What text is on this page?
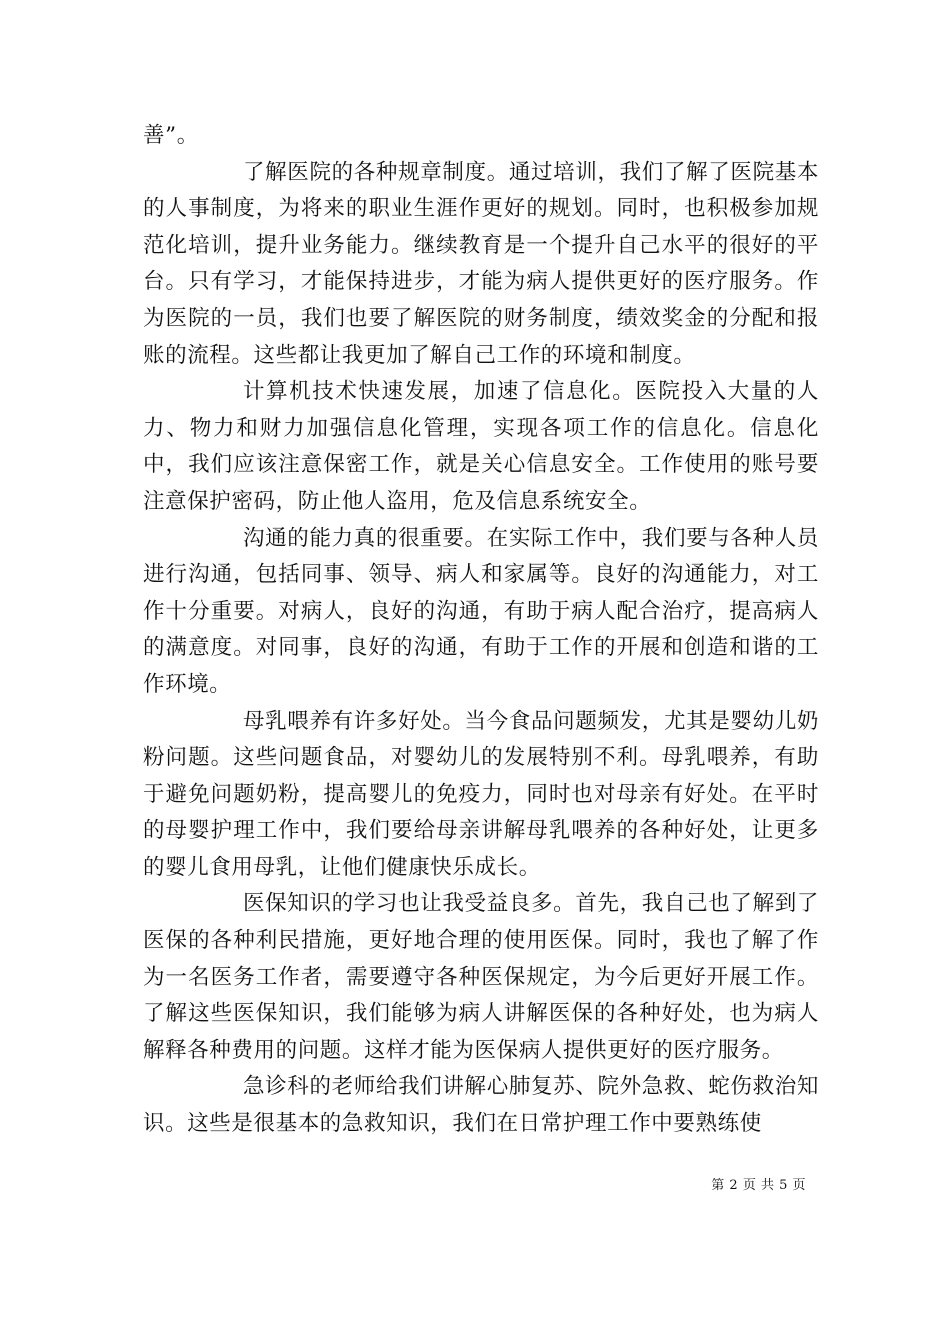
善”。

了解医院的各种规章制度。通过培训，我们了解了医院基本的人事制度，为将来的职业生涯作更好的规划。同时，也积极参加规范化培训，提升业务能力。继续教育是一个提升自己水平的很好的平台。只有学习，才能保持进步，才能为病人提供更好的医疗服务。作为医院的一员，我们也要了解医院的财务制度，绩效奖金的分配和报账的流程。这些都让我更加了解自己工作的环境和制度。

计算机技术快速发展，加速了信息化。医院投入大量的人力、物力和财力加强信息化管理，实现各项工作的信息化。信息化中，我们应该注意保密工作，就是关心信息安全。工作使用的账号要注意保护密码，防止他人盗用，危及信息系统安全。

沟通的能力真的很重要。在实际工作中，我们要与各种人员进行沟通，包括同事、领导、病人和家属等。良好的沟通能力，对工作十分重要。对病人，良好的沟通，有助于病人配合治疗，提高病人的满意度。对同事，良好的沟通，有助于工作的开展和创造和谐的工作环境。

母乳喂养有许多好处。当今食品问题频发，尤其是婴幼儿奶粉问题。这些问题食品，对婴幼儿的发展特别不利。母乳喂养，有助于避免问题奶粉，提高婴儿的免疫力，同时也对母亲有好处。在平时的母婴护理工作中，我们要给母亲讲解母乳喂养的各种好处，让更多的婴儿食用母乳，让他们健康快乐成长。

医保知识的学习也让我受益良多。首先，我自己也了解到了医保的各种利民措施，更好地合理的使用医保。同时，我也了解了作为一名医务工作者，需要遵守各种医保规定，为今后更好开展工作。了解这些医保知识，我们能够为病人讲解医保的各种好处，也为病人解释各种费用的问题。这样才能为医保病人提供更好的医疗服务。

急诊科的老师给我们讲解心肺复苏、院外急救、蛇伤救治知识。这些是很基本的急救知识，我们在日常护理工作中要熟练使

第 2 页 共 5 页
